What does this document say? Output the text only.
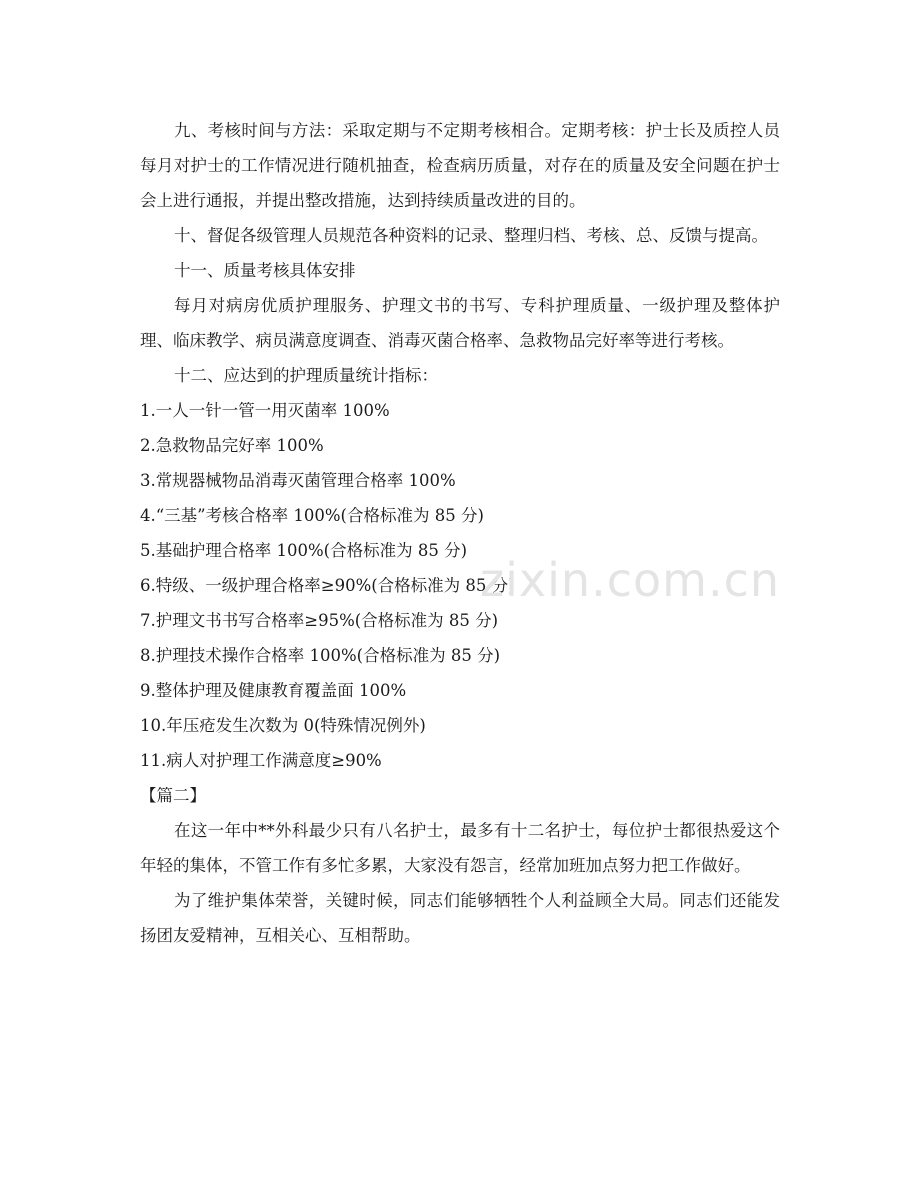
九、考核时间与方法：采取定期与不定期考核相合。定期考核：护士长及质控人员每月对护士的工作情况进行随机抽查，检查病历质量，对存在的质量及安全问题在护士会上进行通报，并提出整改措施，达到持续质量改进的目的。

十、督促各级管理人员规范各种资料的记录、整理归档、考核、总、反馈与提高。

十一、质量考核具体安排

每月对病房优质护理服务、护理文书的书写、专科护理质量、一级护理及整体护理、临床教学、病员满意度调查、消毒灭菌合格率、急救物品完好率等进行考核。

十二、应达到的护理质量统计指标：

1.一人一针一管一用灭菌率 100%

2.急救物品完好率 100%

3.常规器械物品消毒灭菌管理合格率 100%

4.“三基”考核合格率 100%(合格标准为 85 分)

5.基础护理合格率 100%(合格标准为 85 分)

6.特级、一级护理合格率≥90%(合格标准为 85 分)

7.护理文书书写合格率≥95%(合格标准为 85 分)

8.护理技术操作合格率 100%(合格标准为 85 分)

9.整体护理及健康教育覆盖面 100%

10.年压疮发生次数为 0(特殊情况例外)

11.病人对护理工作满意度≥90%

【篇二】

在这一年中**外科最少只有八名护士，最多有十二名护士，每位护士都很热爱这个年轻的集体，不管工作有多忙多累，大家没有怨言，经常加班加点努力把工作做好。

为了维护集体荣誉，关键时候，同志们能够牺牲个人利益顾全大局。同志们还能发扬团友爱精神，互相关心、互相帮助。

zixin.com.cn
